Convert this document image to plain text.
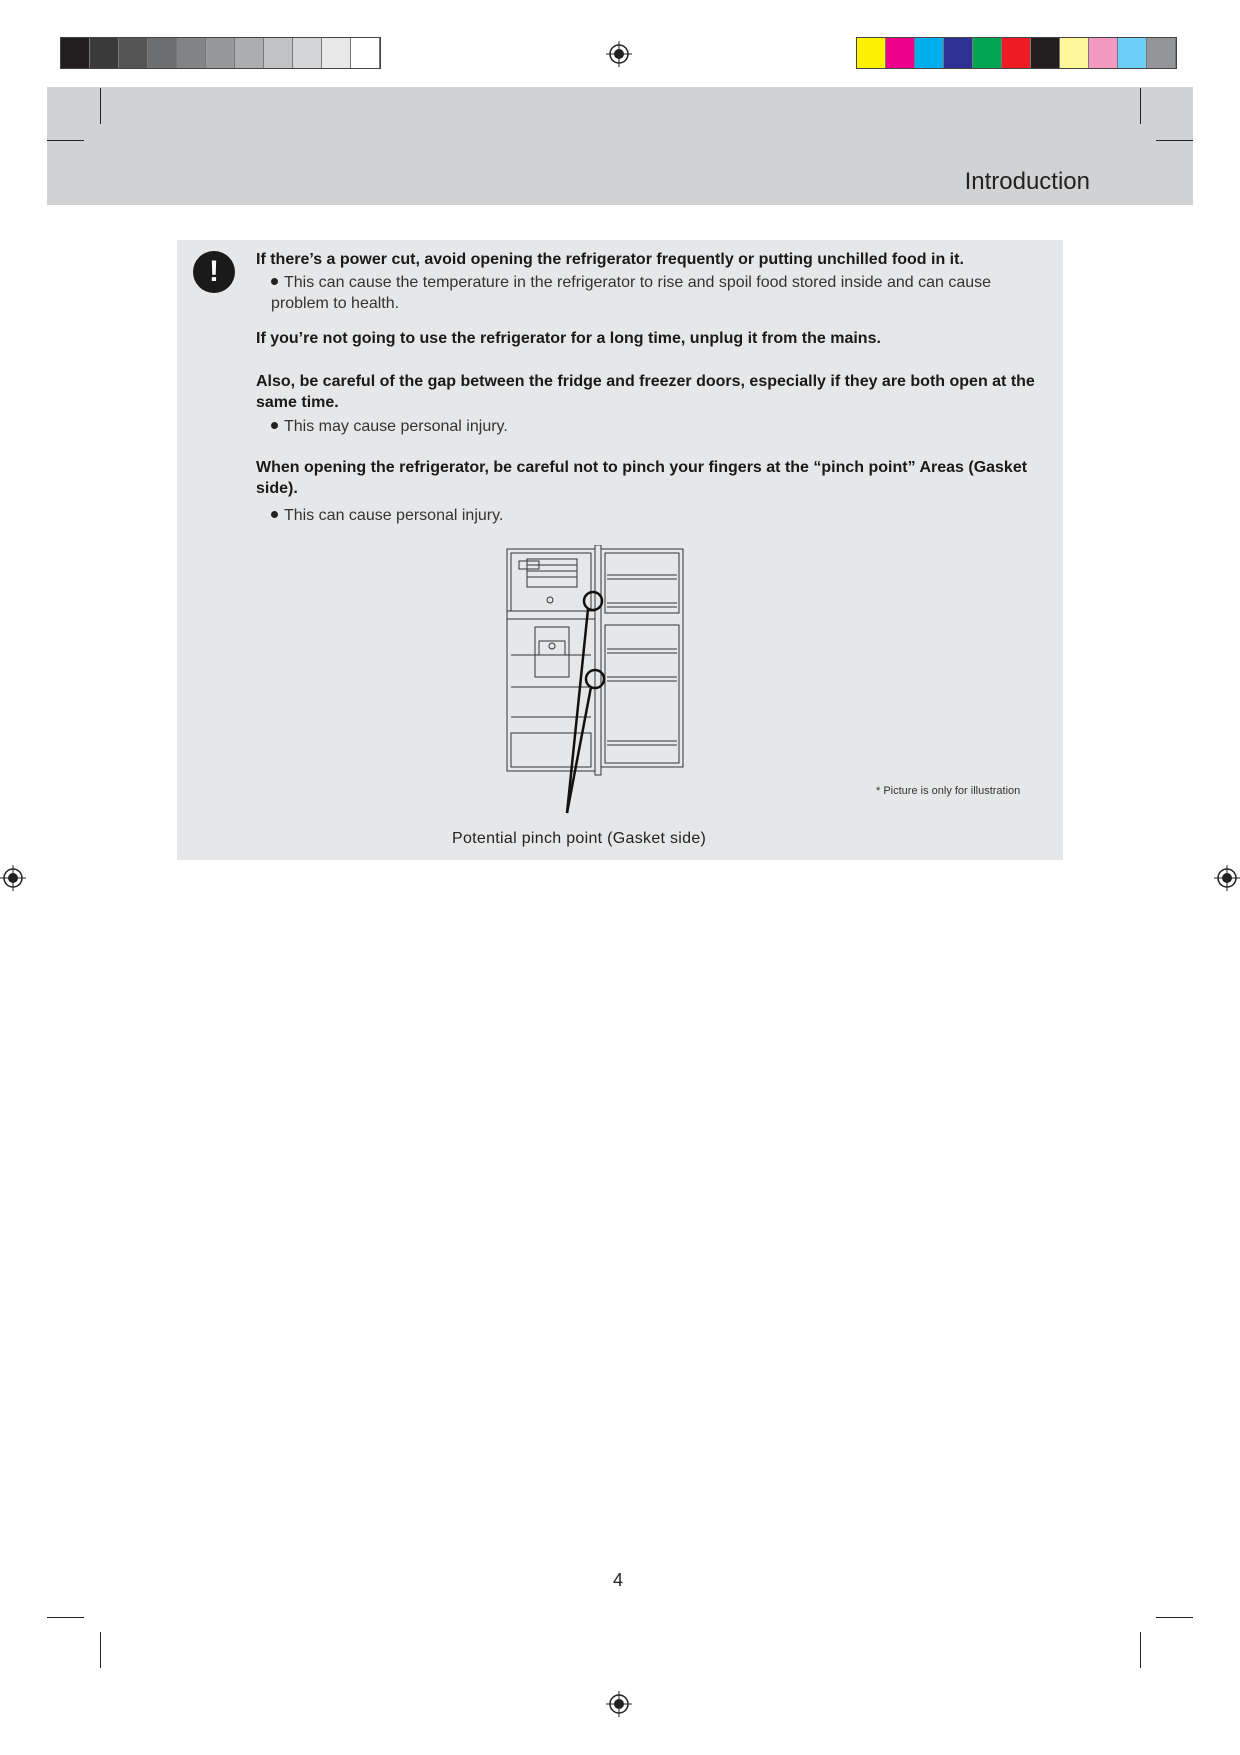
Introduction
!	If there’s a power cut, avoid opening the refrigerator frequently or putting unchilled food in it.
This can cause the temperature in the refrigerator to rise and spoil food stored inside and can cause problem to health.
If you’re not going to use the refrigerator for a long time, unplug it from the mains.
Also, be careful of the gap between the fridge and freezer doors, especially if they are both open at the same time.
This may cause personal injury.
When opening the refrigerator, be careful not to pinch your fingers at the “pinch point” Areas (Gasket side).
This can cause personal injury.
* Picture is only for illustration
Potential pinch point (Gasket side)
4
